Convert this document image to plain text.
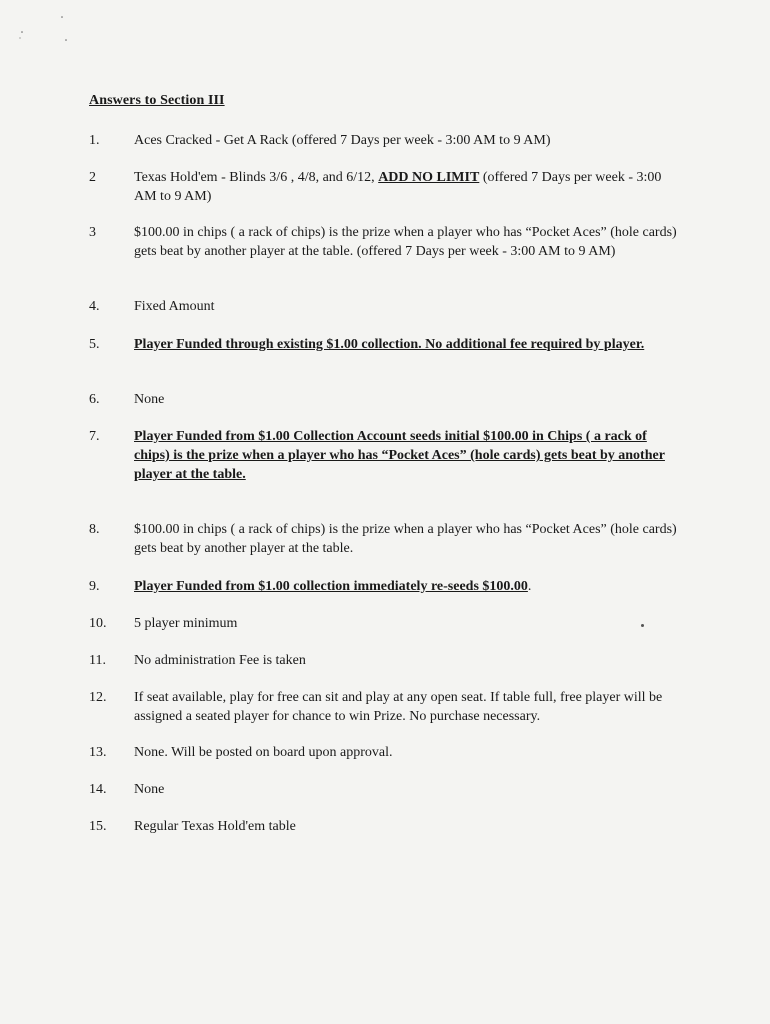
Answers to Section III
1.	Aces Cracked - Get A Rack (offered 7 Days per week - 3:00 AM to 9 AM)
2	Texas Hold'em - Blinds 3/6 , 4/8, and 6/12, ADD NO LIMIT (offered 7 Days per week - 3:00 AM to 9 AM)
3	$100.00 in chips ( a rack of chips) is the prize when a player who has “Pocket Aces” (hole cards) gets beat by another player at the table. (offered 7 Days per week - 3:00 AM to 9 AM)
4.	Fixed Amount
5.	Player Funded through existing $1.00 collection. No additional fee required by player.
6.	None
7.	Player Funded from $1.00 Collection Account seeds initial $100.00 in Chips ( a rack of chips) is the prize when a player who has “Pocket Aces” (hole cards) gets beat by another player at the table.
8.	$100.00 in chips ( a rack of chips) is the prize when a player who has “Pocket Aces” (hole cards) gets beat by another player at the table.
9.	Player Funded from $1.00 collection immediately re-seeds $100.00.
10.	5 player minimum
11.	No administration Fee is taken
12.	If seat available, play for free can sit and play at any open seat. If table full, free player will be assigned a seated player for chance to win Prize. No purchase necessary.
13.	None. Will be posted on board upon approval.
14.	None
15.	Regular Texas Hold'em table
